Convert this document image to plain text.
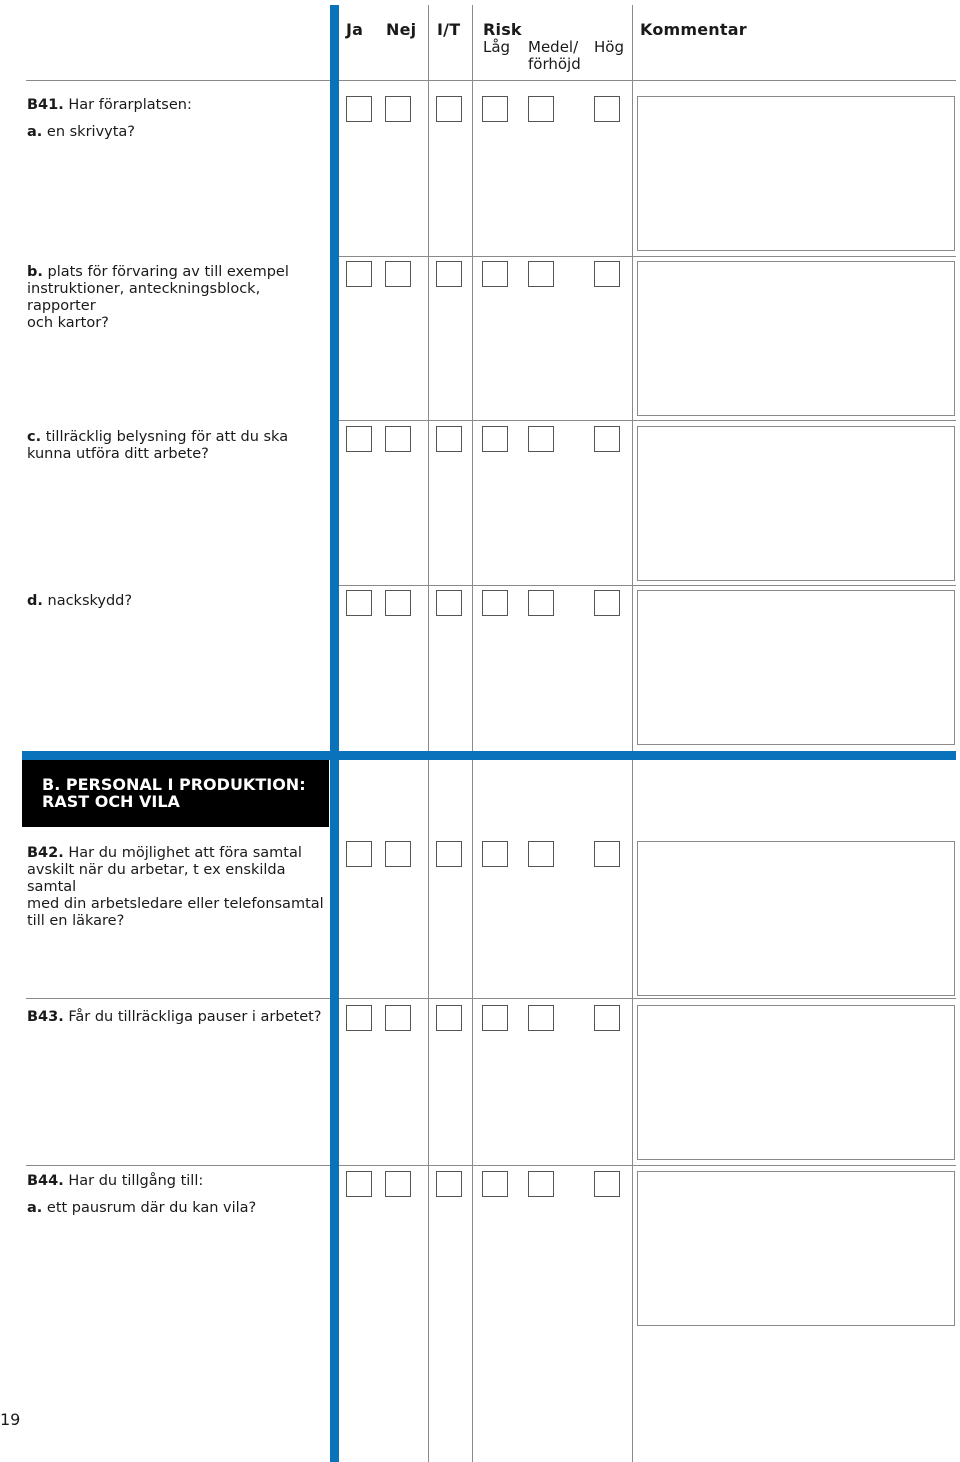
Ja Nej I/T Risk
Låg Medel/
förhöjd
Hög
Kommentar
B41. Har förarplatsen:
a. en skrivyta?
b. plats för förvaring av till exempel
instruktioner, anteckningsblock, rapporter
och kartor?
c. tillräcklig belysning för att du ska
kunna utföra ditt arbete?
d. nackskydd?
B. PERSONAL I PRODUKTION:
RAST OCH VILA
B42. Har du möjlighet att föra samtal
avskilt när du arbetar, t ex enskilda samtal
med din arbetsledare eller telefonsamtal
till en läkare?
B43. Får du tillräckliga pauser i arbetet?
B44. Har du tillgång till:
a. ett pausrum där du kan vila?
19
